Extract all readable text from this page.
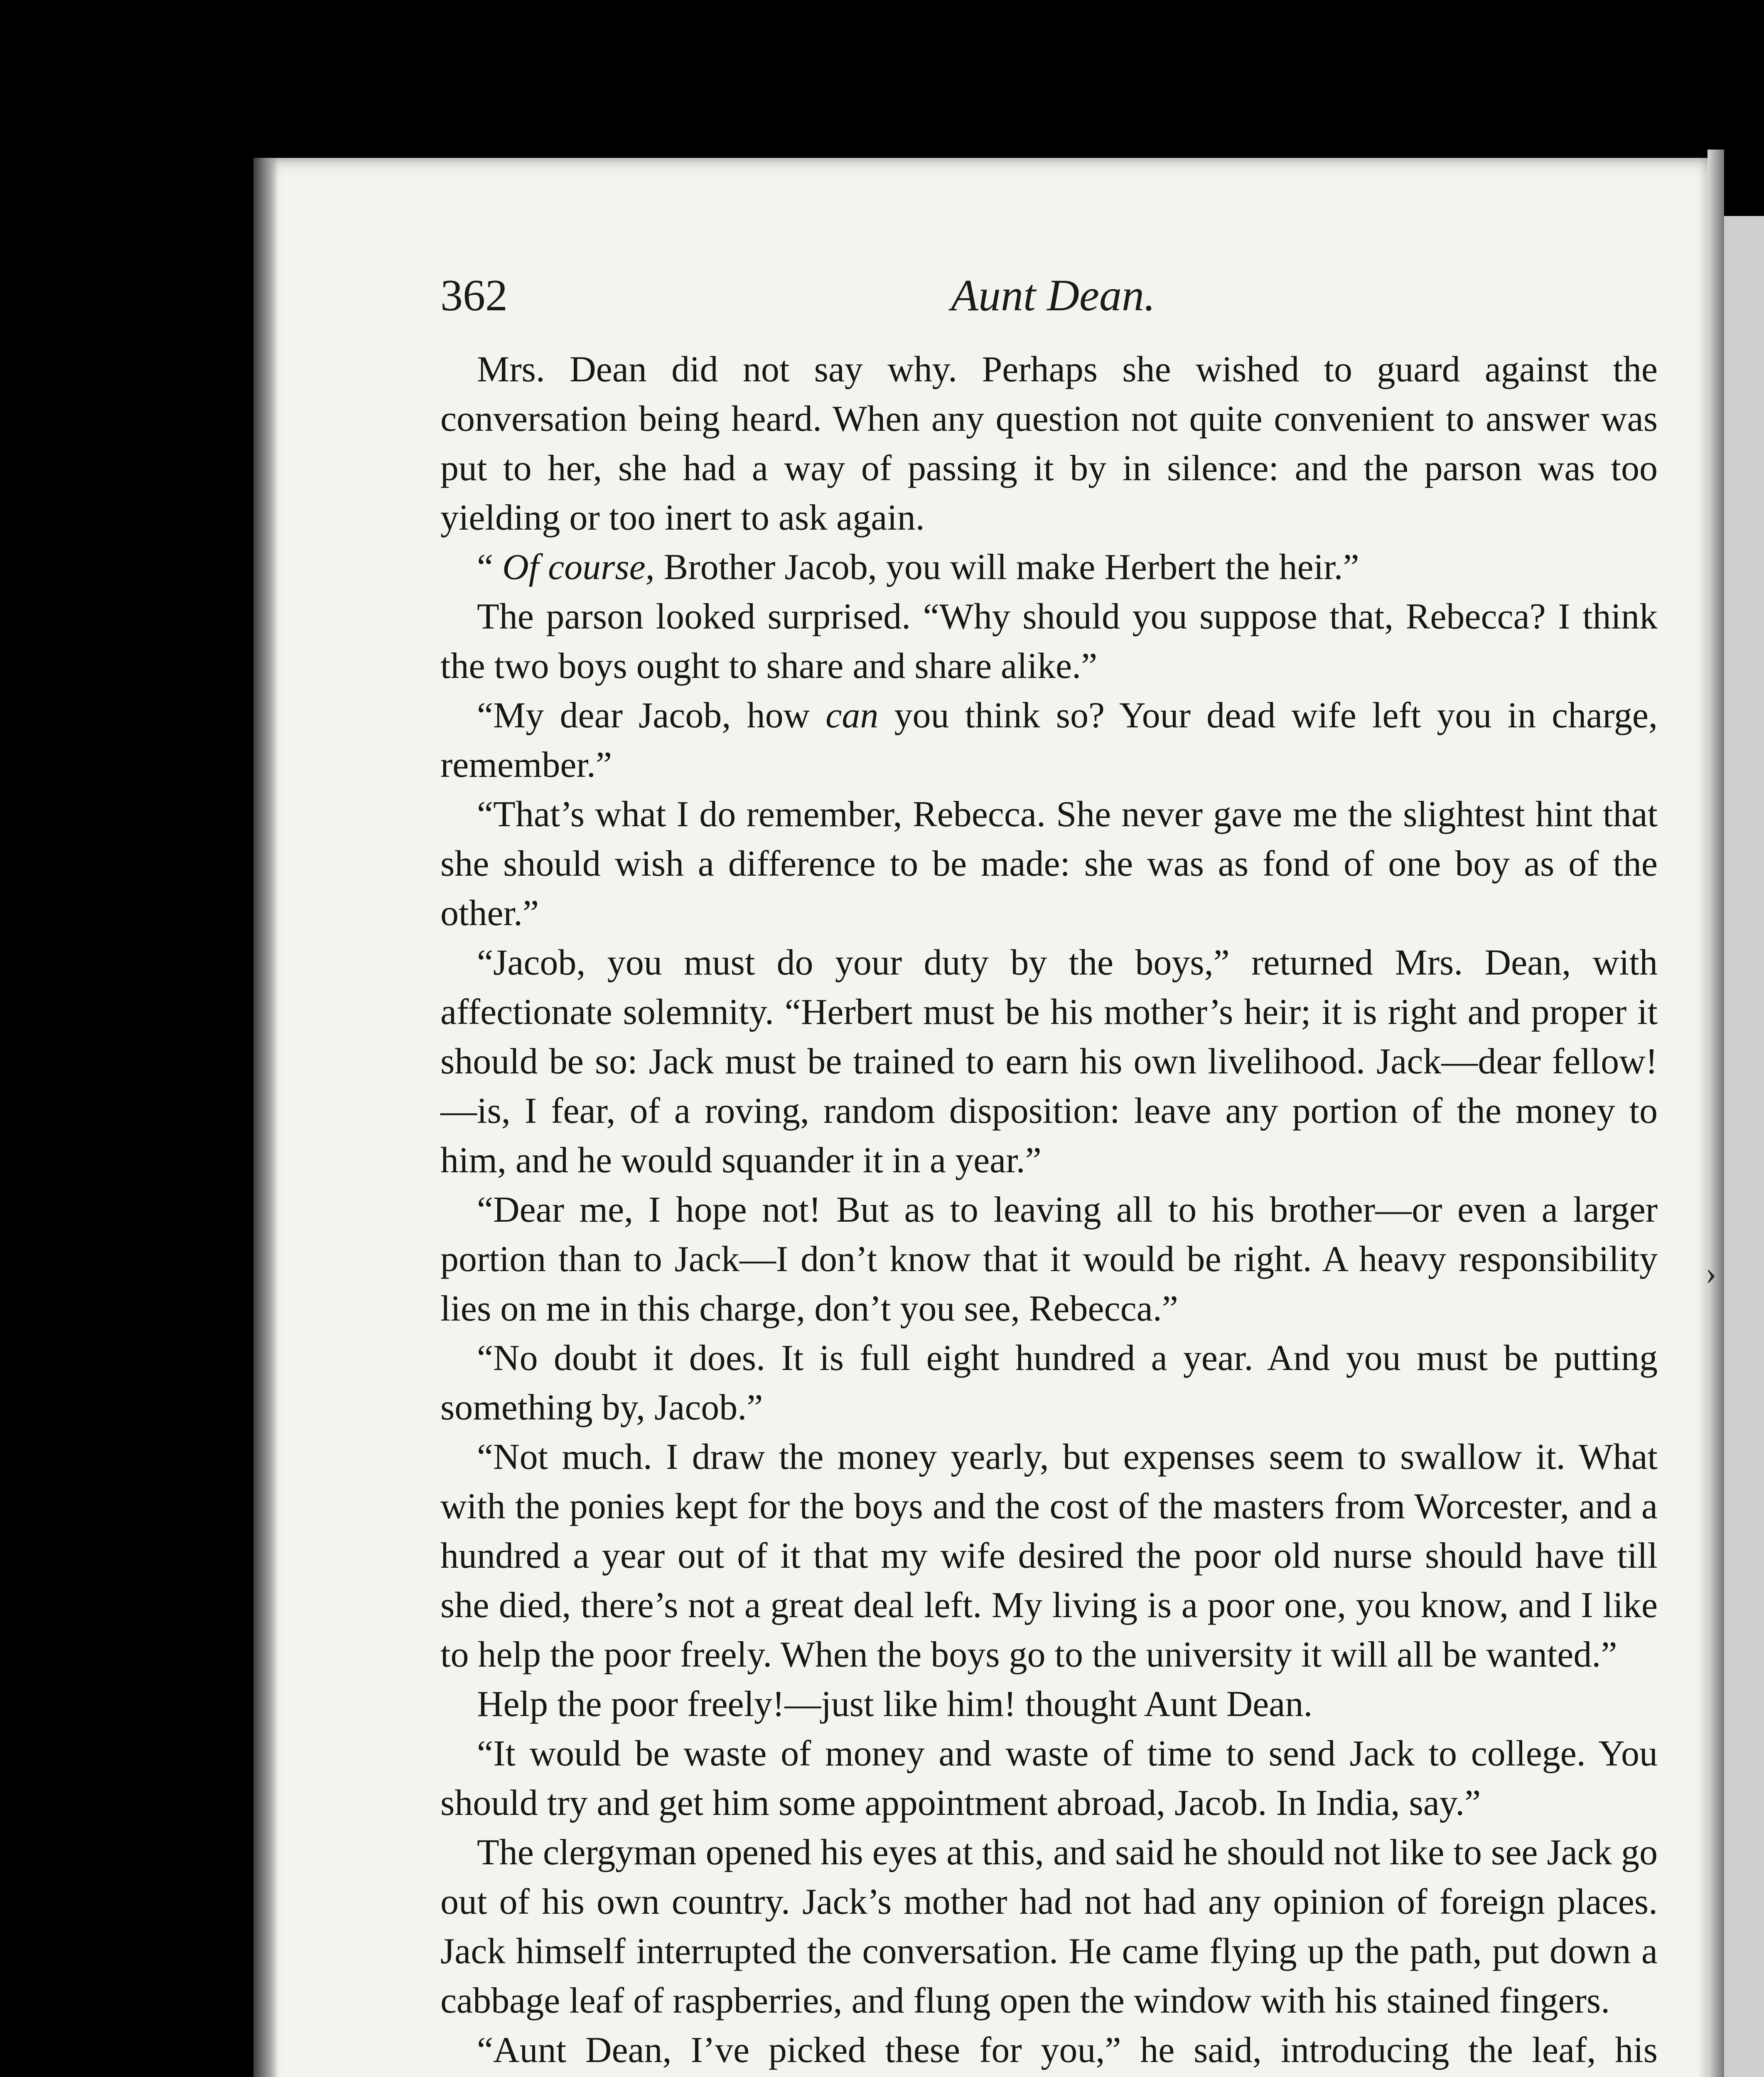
›
362	Aunt Dean.

Mrs. Dean did not say why. Perhaps she wished to guard against the conversation being heard. When any question not quite convenient to answer was put to her, she had a way of passing it by in silence: and the parson was too yielding or too inert to ask again.

“ Of course, Brother Jacob, you will make Herbert the heir.”

The parson looked surprised. “Why should you suppose that, Rebecca? I think the two boys ought to share and share alike.”

“My dear Jacob, how can you think so? Your dead wife left you in charge, remember.”

“That’s what I do remember, Rebecca. She never gave me the slightest hint that she should wish a difference to be made: she was as fond of one boy as of the other.”

“Jacob, you must do your duty by the boys,” returned Mrs. Dean, with affectionate solemnity. “Herbert must be his mother’s heir; it is right and proper it should be so: Jack must be trained to earn his own livelihood. Jack—dear fellow!—is, I fear, of a roving, random disposition: leave any portion of the money to him, and he would squander it in a year.”

“Dear me, I hope not! But as to leaving all to his brother—or even a larger portion than to Jack—I don’t know that it would be right. A heavy responsibility lies on me in this charge, don’t you see, Rebecca.”

“No doubt it does. It is full eight hundred a year. And you must be putting something by, Jacob.”

“Not much. I draw the money yearly, but expenses seem to swallow it. What with the ponies kept for the boys and the cost of the masters from Worcester, and a hundred a year out of it that my wife desired the poor old nurse should have till she died, there’s not a great deal left. My living is a poor one, you know, and I like to help the poor freely. When the boys go to the university it will all be wanted.”

Help the poor freely!—just like him! thought Aunt Dean.

“It would be waste of money and waste of time to send Jack to college. You should try and get him some appointment abroad, Jacob. In India, say.”

The clergyman opened his eyes at this, and said he should not like to see Jack go out of his own country. Jack’s mother had not had any opinion of foreign places. Jack himself interrupted the conversation. He came flying up the path, put down a cabbage leaf of raspberries, and flung open the window with his stained fingers.

“Aunt Dean, I’ve picked these for you,” he said, introducing the leaf, his
